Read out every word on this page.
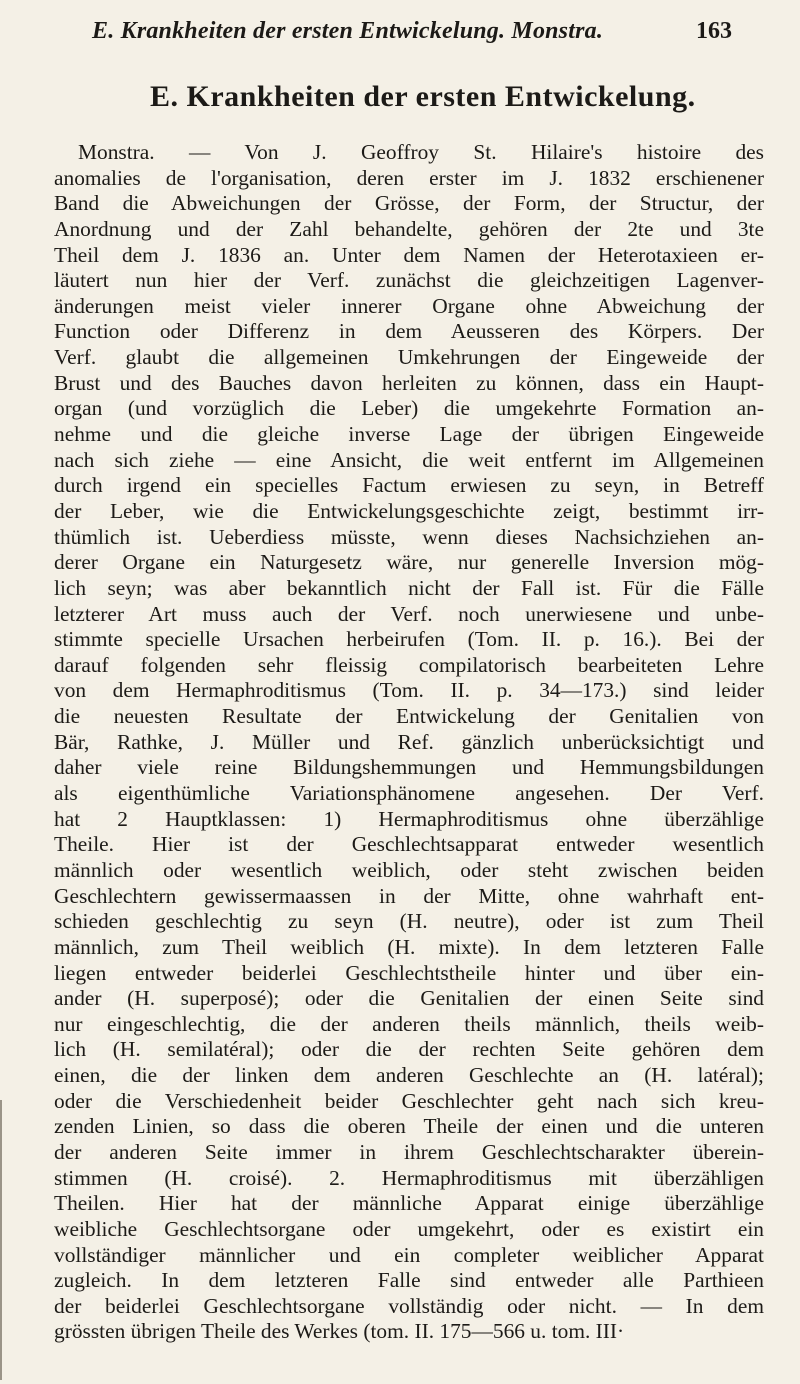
E. Krankheiten der ersten Entwickelung. Monstra.	163
E. Krankheiten der ersten Entwickelung.
Monstra. — Von J. Geoffroy St. Hilaire's histoire des
anomalies de l'organisation, deren erster im J. 1832 erschienener
Band die Abweichungen der Grösse, der Form, der Structur, der
Anordnung und der Zahl behandelte, gehören der 2te und 3te
Theil dem J. 1836 an. Unter dem Namen der Heterotaxieen er-
läutert nun hier der Verf. zunächst die gleichzeitigen Lagenver-
änderungen meist vieler innerer Organe ohne Abweichung der
Function oder Differenz in dem Aeusseren des Körpers. Der
Verf. glaubt die allgemeinen Umkehrungen der Eingeweide der
Brust und des Bauches davon herleiten zu können, dass ein Haupt-
organ (und vorzüglich die Leber) die umgekehrte Formation an-
nehme und die gleiche inverse Lage der übrigen Eingeweide
nach sich ziehe — eine Ansicht, die weit entfernt im Allgemeinen
durch irgend ein specielles Factum erwiesen zu seyn, in Betreff
der Leber, wie die Entwickelungsgeschichte zeigt, bestimmt irr-
thümlich ist. Ueberdiess müsste, wenn dieses Nachsichziehen an-
derer Organe ein Naturgesetz wäre, nur generelle Inversion mög-
lich seyn; was aber bekanntlich nicht der Fall ist. Für die Fälle
letzterer Art muss auch der Verf. noch unerwiesene und unbe-
stimmte specielle Ursachen herbeirufen (Tom. II. p. 16.). Bei der
darauf folgenden sehr fleissig compilatorisch bearbeiteten Lehre
von dem Hermaphroditismus (Tom. II. p. 34—173.) sind leider
die neuesten Resultate der Entwickelung der Genitalien von
Bär, Rathke, J. Müller und Ref. gänzlich unberücksichtigt und
daher viele reine Bildungshemmungen und Hemmungsbildungen
als eigenthümliche Variationsphänomene angesehen. Der Verf.
hat 2 Hauptklassen: 1) Hermaphroditismus ohne überzählige
Theile. Hier ist der Geschlechtsapparat entweder wesentlich
männlich oder wesentlich weiblich, oder steht zwischen beiden
Geschlechtern gewissermaassen in der Mitte, ohne wahrhaft ent-
schieden geschlechtig zu seyn (H. neutre), oder ist zum Theil
männlich, zum Theil weiblich (H. mixte). In dem letzteren Falle
liegen entweder beiderlei Geschlechtstheile hinter und über ein-
ander (H. superposé); oder die Genitalien der einen Seite sind
nur eingeschlechtig, die der anderen theils männlich, theils weib-
lich (H. semilatéral); oder die der rechten Seite gehören dem
einen, die der linken dem anderen Geschlechte an (H. latéral);
oder die Verschiedenheit beider Geschlechter geht nach sich kreu-
zenden Linien, so dass die oberen Theile der einen und die unteren
der anderen Seite immer in ihrem Geschlechtscharakter überein-
stimmen (H. croisé). 2. Hermaphroditismus mit überzähligen
Theilen. Hier hat der männliche Apparat einige überzählige
weibliche Geschlechtsorgane oder umgekehrt, oder es existirt ein
vollständiger männlicher und ein completer weiblicher Apparat
zugleich. In dem letzteren Falle sind entweder alle Parthieen
der beiderlei Geschlechtsorgane vollständig oder nicht. — In dem
grössten übrigen Theile des Werkes (tom. II. 175—566 u. tom. III·
